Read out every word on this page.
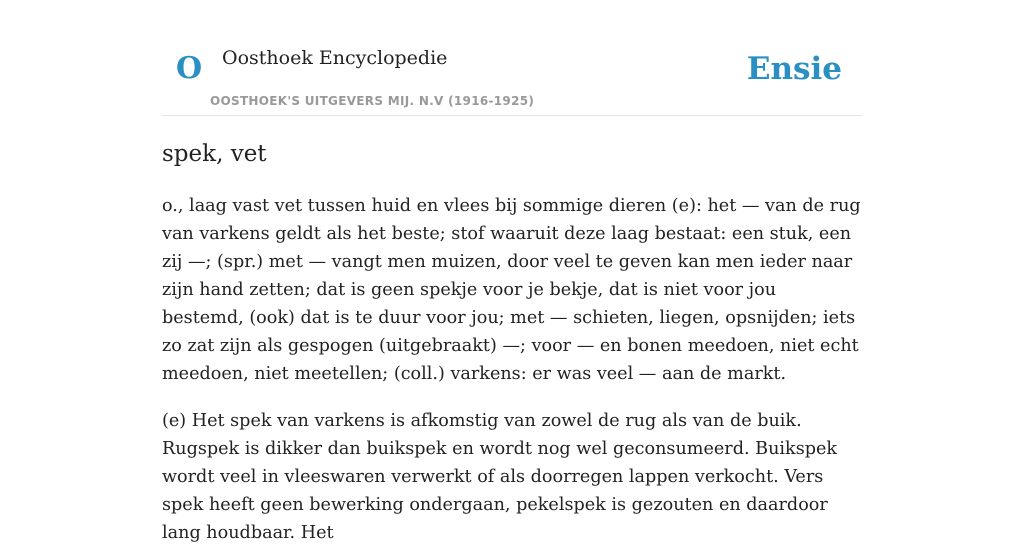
O Oosthoek Encyclopedie
OOSTHOEK'S UITGEVERS MIJ. N.V (1916-1925)
Ensie
spek, vet

o., laag vast vet tussen huid en vlees bij sommige dieren (e): het — van de rug van varkens geldt als het beste; stof waaruit deze laag bestaat: een stuk, een zij —; (spr.) met — vangt men muizen, door veel te geven kan men ieder naar zijn hand zetten; dat is geen spekje voor je bekje, dat is niet voor jou bestemd, (ook) dat is te duur voor jou; met — schieten, liegen, opsnijden; iets zo zat zijn als gespogen (uitgebraakt) —; voor — en bonen meedoen, niet echt meedoen, niet meetellen; (coll.) varkens: er was veel — aan de markt.

(e) Het spek van varkens is afkomstig van zowel de rug als van de buik. Rugspek is dikker dan buikspek en wordt nog wel geconsumeerd. Buikspek wordt veel in vleeswaren verwerkt of als doorregen lappen verkocht. Vers spek heeft geen bewerking ondergaan, pekelspek is gezouten en daardoor lang houdbaar. Het
